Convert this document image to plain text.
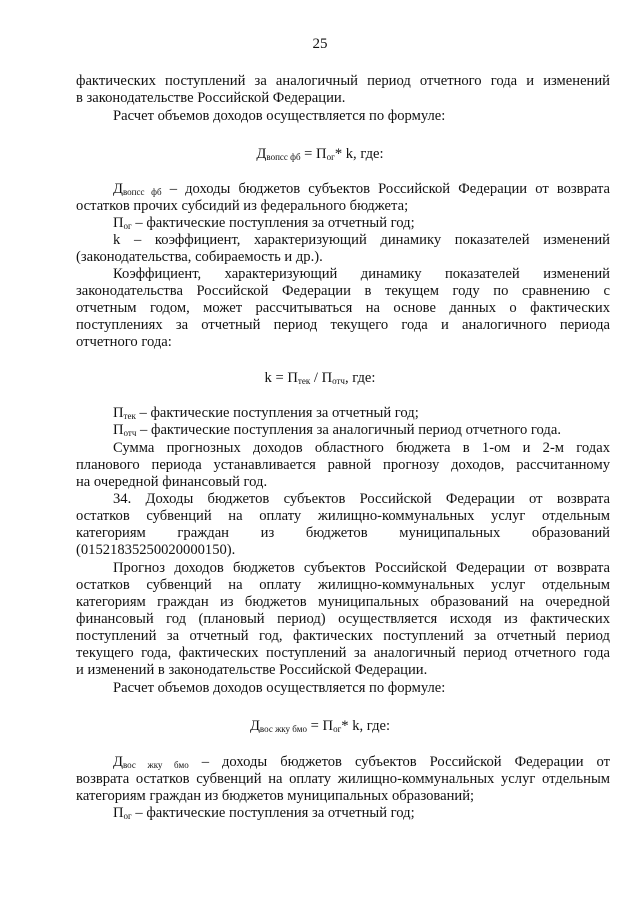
25
фактических поступлений за аналогичный период отчетного года и изменений
в законодательстве Российской Федерации.
Расчет объемов доходов осуществляется по формуле:
$Д_{вопсс фб} = П_{ог}*$ k, где:
$Д_{вопсс фб}$ – доходы бюджетов субъектов Российской Федерации от возврата
остатков прочих субсидий из федерального бюджета;
$П_{ог}$ – фактические поступления за отчетный год;
k – коэффициент, характеризующий динамику показателей изменений
(законодательства, собираемость и др.).
Коэффициент, характеризующий динамику показателей изменений
законодательства Российской Федерации в текущем году по сравнению с
отчетным годом, может рассчитываться на основе данных о фактических
поступлениях за отчетный период текущего года и аналогичного периода
отчетного года:
$k = П_{тек} / П_{отч}$, где:
$П_{тек}$ – фактические поступления за отчетный год;
$П_{отч}$ – фактические поступления за аналогичный период отчетного года.
Сумма прогнозных доходов областного бюджета в 1-ом и 2-м годах
планового периода устанавливается равной прогнозу доходов, рассчитанному
на очередной финансовый год.
34. Доходы бюджетов субъектов Российской Федерации от возврата
остатков субвенций на оплату жилищно-коммунальных услуг отдельным
категориям граждан из бюджетов муниципальных образований
(01521835250020000150).
Прогноз доходов бюджетов субъектов Российской Федерации от возврата
остатков субвенций на оплату жилищно-коммунальных услуг отдельным
категориям граждан из бюджетов муниципальных образований на очередной
финансовый год (плановый период) осуществляется исходя из фактических
поступлений за отчетный год, фактических поступлений за отчетный период
текущего года, фактических поступлений за аналогичный период отчетного года
и изменений в законодательстве Российской Федерации.
Расчет объемов доходов осуществляется по формуле:
$Д_{вос жку бмо} = П_{ог}*$ k, где:
$Д_{вос жку бмо}$ – доходы бюджетов субъектов Российской Федерации от
возврата остатков субвенций на оплату жилищно-коммунальных услуг отдельным
категориям граждан из бюджетов муниципальных образований;
$П_{ог}$ – фактические поступления за отчетный год;
